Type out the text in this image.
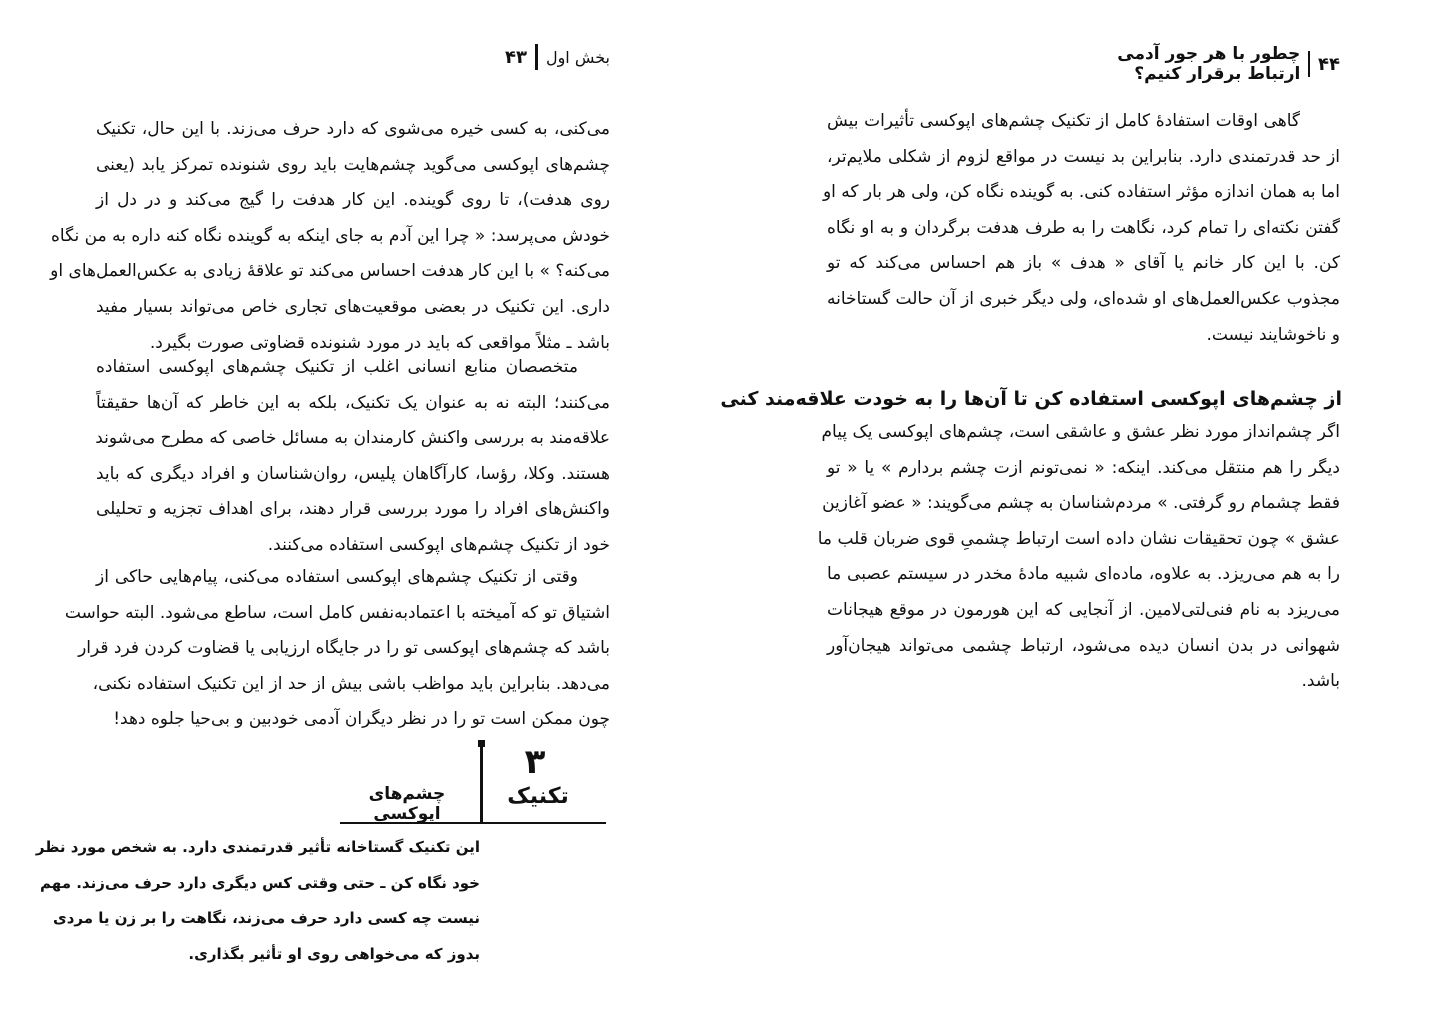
بخش اول
۴۳
می‌کنی، به کسی خیره می‌شوی که دارد حرف می‌زند. با این حال، تکنیک
چشم‌های اپوکسی می‌گوید چشم‌هایت باید روی شنونده تمرکز یابد (یعنی
روی هدفت)، تا روی گوینده. این کار هدفت را گیج می‌کند و در دل از
خودش می‌پرسد: « چرا این آدم به جای اینکه به گوینده نگاه کنه داره به من نگاه
می‌کنه؟ » با این کار هدفت احساس می‌کند تو علاقهٔ زیادی به عکس‌العمل‌های او
داری. این تکنیک در بعضی موقعیت‌های تجاری خاص می‌تواند بسیار مفید
باشد ـ مثلاً مواقعی که باید در مورد شنونده قضاوتی صورت بگیرد.
متخصصان منابع انسانی اغلب از تکنیک چشم‌های اپوکسی استفاده
می‌کنند؛ البته نه به عنوان یک تکنیک، بلکه به این خاطر که آن‌ها حقیقتاً
علاقه‌مند به بررسی واکنش کارمندان به مسائل خاصی که مطرح می‌شوند
هستند. وکلا، رؤسا، کارآگاهان پلیس، روان‌شناسان و افراد دیگری که باید
واکنش‌های افراد را مورد بررسی قرار دهند، برای اهداف تجزیه و تحلیلی
خود از تکنیک چشم‌های اپوکسی استفاده می‌کنند.
وقتی از تکنیک چشم‌های اپوکسی استفاده می‌کنی، پیام‌هایی حاکی از
اشتیاق تو که آمیخته با اعتمادبه‌نفس کامل است، ساطع می‌شود. البته حواست
باشد که چشم‌های اپوکسی تو را در جایگاه ارزیابی یا قضاوت کردن فرد قرار
می‌دهد. بنابراین باید مواظب باشی بیش از حد از این تکنیک استفاده نکنی،
چون ممکن است تو را در نظر دیگران آدمی خودبین و بی‌حیا جلوه دهد!
۳
تکنیک
چشم‌های اپوکسی
این تکنیک گستاخانه تأثیر قدرتمندی دارد. به شخص مورد نظر
خود نگاه کن ـ حتی وقتی کس دیگری دارد حرف می‌زند. مهم
نیست چه کسی دارد حرف می‌زند، نگاهت را بر زن یا مردی
بدوز که می‌خواهی روی او تأثیر بگذاری.
۴۴
چطور با هر جور آدمی ارتباط برقرار کنیم؟
گاهی اوقات استفادهٔ کامل از تکنیک چشم‌های اپوکسی تأثیرات بیش
از حد قدرتمندی دارد. بنابراین بد نیست در مواقع لزوم از شکلی ملایم‌تر،
اما به همان اندازه مؤثر استفاده کنی. به گوینده نگاه کن، ولی هر بار که او
گفتن نکته‌ای را تمام کرد، نگاهت را به طرف هدفت برگردان و به او نگاه
کن. با این کار خانم یا آقای « هدف » باز هم احساس می‌کند که تو
مجذوب عکس‌العمل‌های او شده‌ای، ولی دیگر خبری از آن حالت گستاخانه
و ناخوشایند نیست.
از چشم‌های اپوکسی استفاده کن تا آن‌ها را به خودت علاقه‌مند کنی
اگر چشم‌انداز مورد نظر عشق و عاشقی است، چشم‌های اپوکسی یک پیام
دیگر را هم منتقل می‌کند. اینکه: « نمی‌تونم ازت چشم بردارم » یا « تو
فقط چشمام رو گرفتی. » مردم‌شناسان به چشم می‌گویند: « عضو آغازین
عشق » چون تحقیقات نشان داده است ارتباط چشمیِ قوی ضربان قلب ما
را به هم می‌ریزد. به علاوه، ماده‌ای شبیه مادهٔ مخدر در سیستم عصبی ما
می‌ریزد به نام فنی‌لتی‌لامین. از آنجایی که این هورمون در موقع هیجانات
شهوانی در بدن انسان دیده می‌شود، ارتباط چشمی می‌تواند هیجان‌آور
باشد.
